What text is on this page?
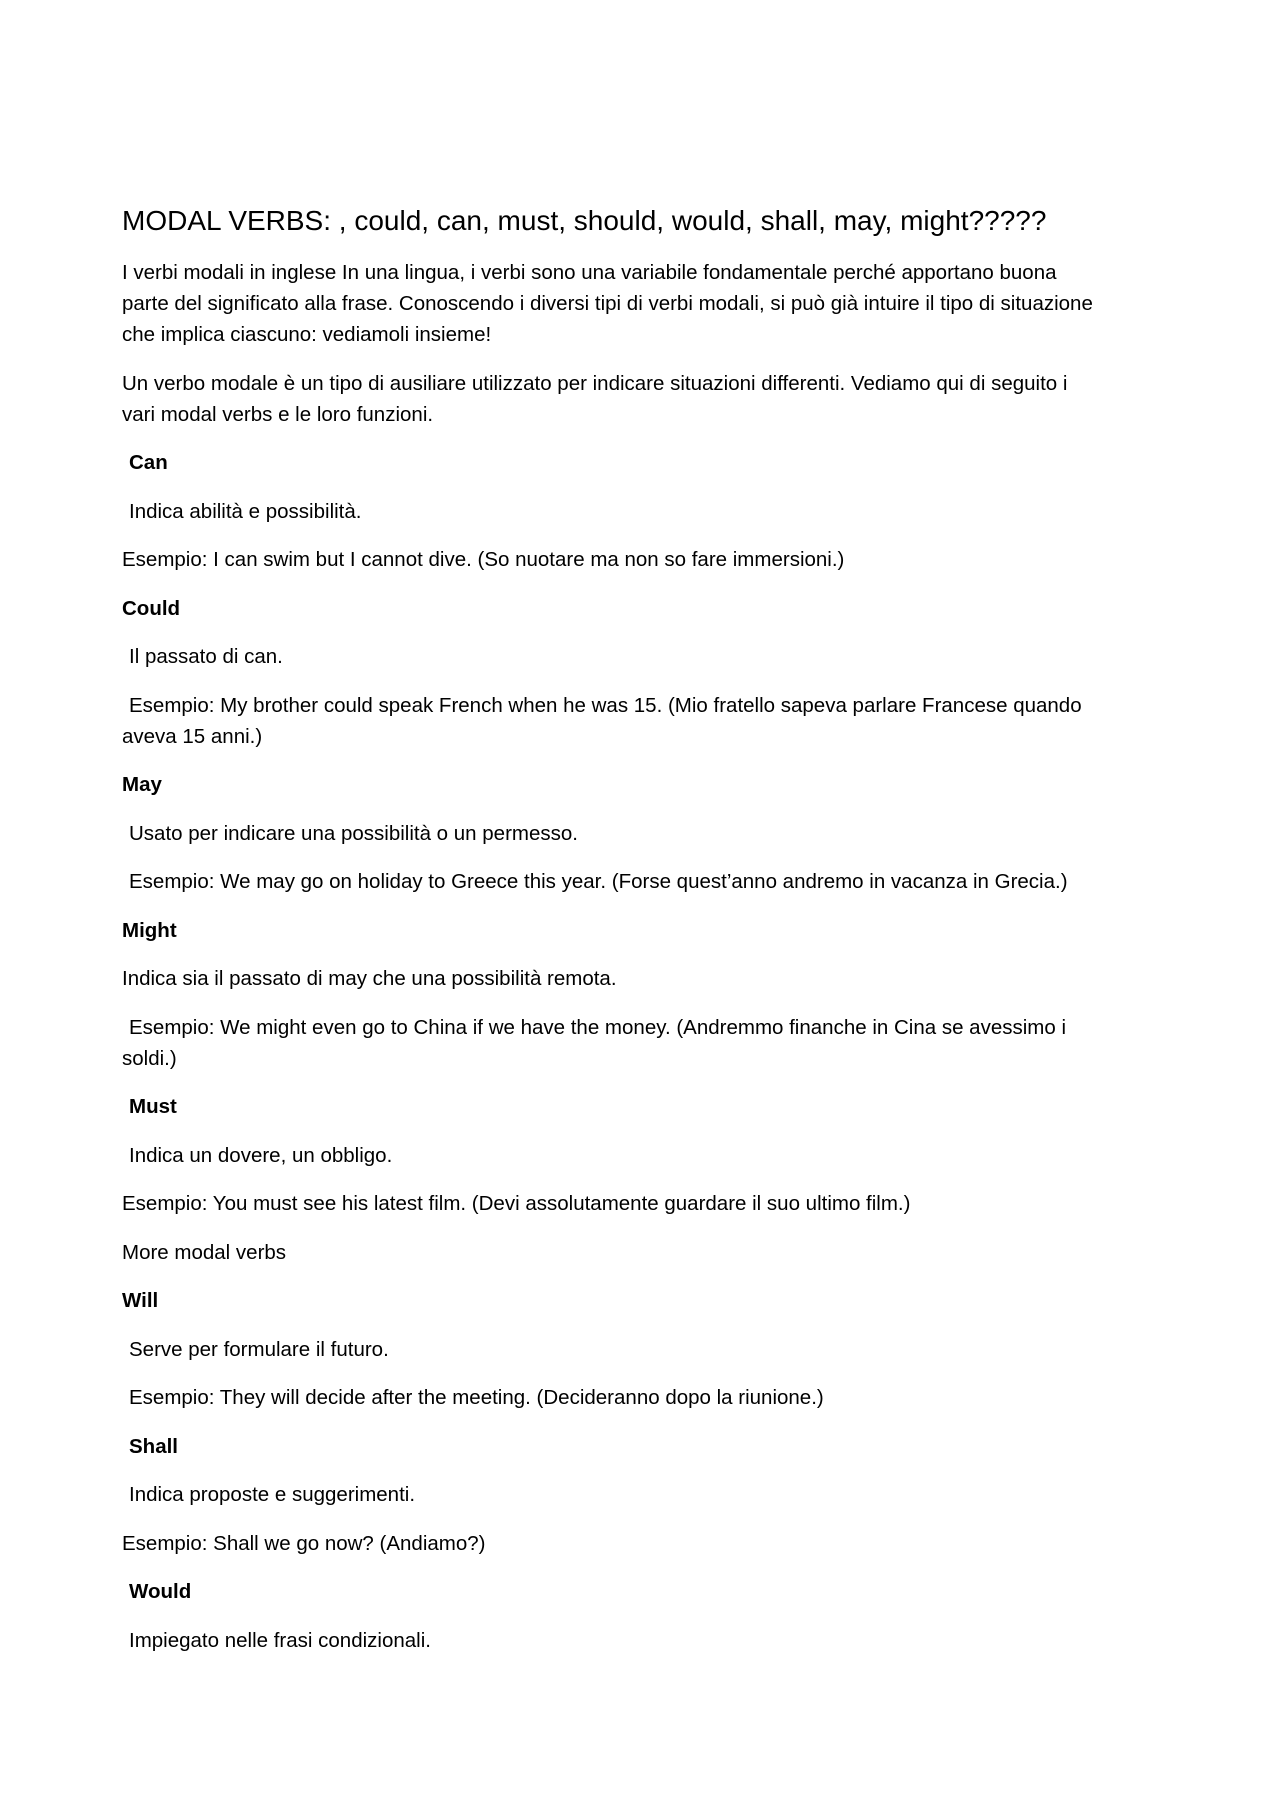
MODAL VERBS: , could, can, must, should, would, shall, may, might?????

I verbi modali in inglese In una lingua, i verbi sono una variabile fondamentale perché apportano buona
parte del significato alla frase. Conoscendo i diversi tipi di verbi modali, si può già intuire il tipo di situazione
che implica ciascuno: vediamoli insieme!

Un verbo modale è un tipo di ausiliare utilizzato per indicare situazioni differenti. Vediamo qui di seguito i
vari modal verbs e le loro funzioni.

Can

Indica abilità e possibilità.

Esempio: I can swim but I cannot dive. (So nuotare ma non so fare immersioni.)

Could

Il passato di can.

Esempio: My brother could speak French when he was 15. (Mio fratello sapeva parlare Francese quando
aveva 15 anni.)

May

Usato per indicare una possibilità o un permesso.

Esempio: We may go on holiday to Greece this year. (Forse quest’anno andremo in vacanza in Grecia.)

Might

Indica sia il passato di may che una possibilità remota.

Esempio: We might even go to China if we have the money. (Andremmo finanche in Cina se avessimo i
soldi.)

Must

Indica un dovere, un obbligo.

Esempio: You must see his latest film. (Devi assolutamente guardare il suo ultimo film.)

More modal verbs

Will

Serve per formulare il futuro.

Esempio: They will decide after the meeting. (Decideranno dopo la riunione.)

Shall

Indica proposte e suggerimenti.

Esempio: Shall we go now? (Andiamo?)

Would

Impiegato nelle frasi condizionali.
